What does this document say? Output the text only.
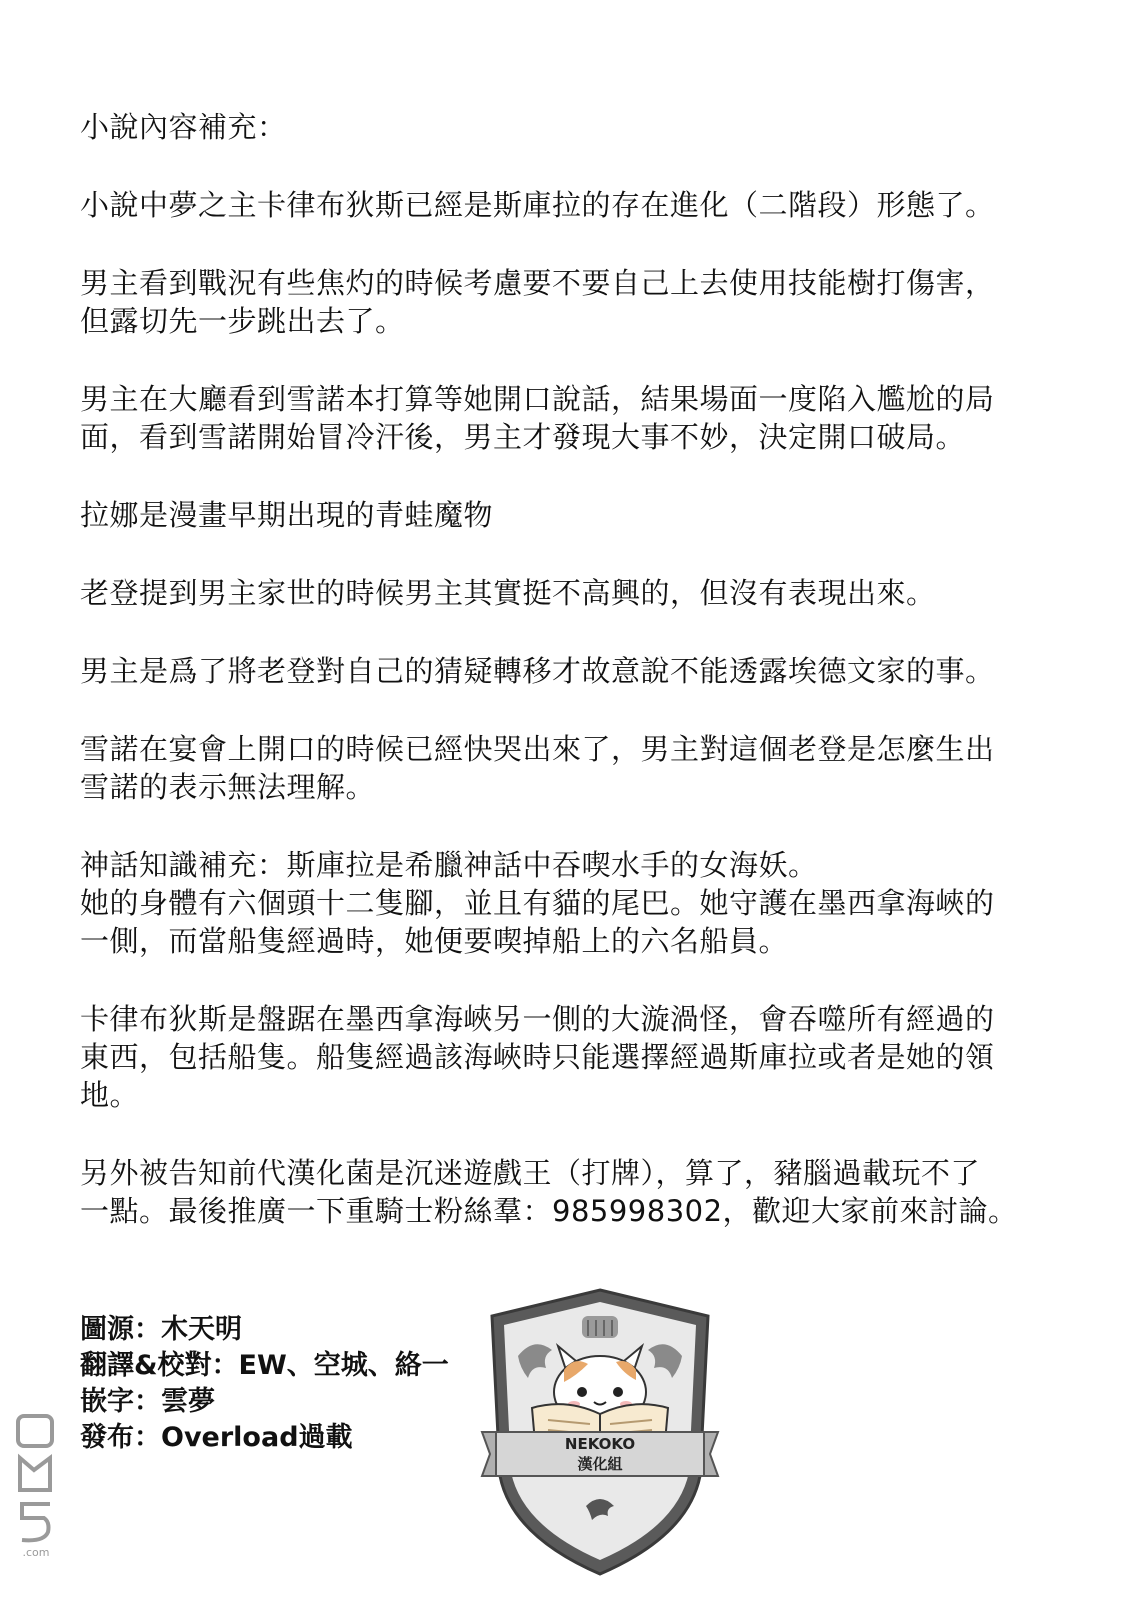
小說內容補充：
小說中夢之主卡律布狄斯已經是斯庫拉的存在進化（二階段）形態了。
男主看到戰況有些焦灼的時候考慮要不要自己上去使用技能樹打傷害，
但露切先一步跳出去了。
男主在大廳看到雪諾本打算等她開口說話，結果場面一度陷入尷尬的局
面，看到雪諾開始冒冷汗後，男主才發現大事不妙，決定開口破局。
拉娜是漫畫早期出現的青蛙魔物
老登提到男主家世的時候男主其實挺不高興的，但沒有表現出來。
男主是爲了將老登對自己的猜疑轉移才故意說不能透露埃德文家的事。
雪諾在宴會上開口的時候已經快哭出來了，男主對這個老登是怎麼生出
雪諾的表示無法理解。
神話知識補充：斯庫拉是希臘神話中吞喫水手的女海妖。
她的身體有六個頭十二隻腳，並且有貓的尾巴。她守護在墨西拿海峽的
一側，而當船隻經過時，她便要喫掉船上的六名船員。
卡律布狄斯是盤踞在墨西拿海峽另一側的大漩渦怪，會吞噬所有經過的
東西，包括船隻。船隻經過該海峽時只能選擇經過斯庫拉或者是她的領
地。
另外被告知前代漢化菌是沉迷遊戲王（打牌），算了，豬腦過載玩不了
一點。最後推廣一下重騎士粉絲羣：985998302，歡迎大家前來討論。
圖源：木天明
翻譯&校對：EW、空城、絡一
嵌字：雲夢
發布：Overload過載	NEKOKO
漢化組
.com
